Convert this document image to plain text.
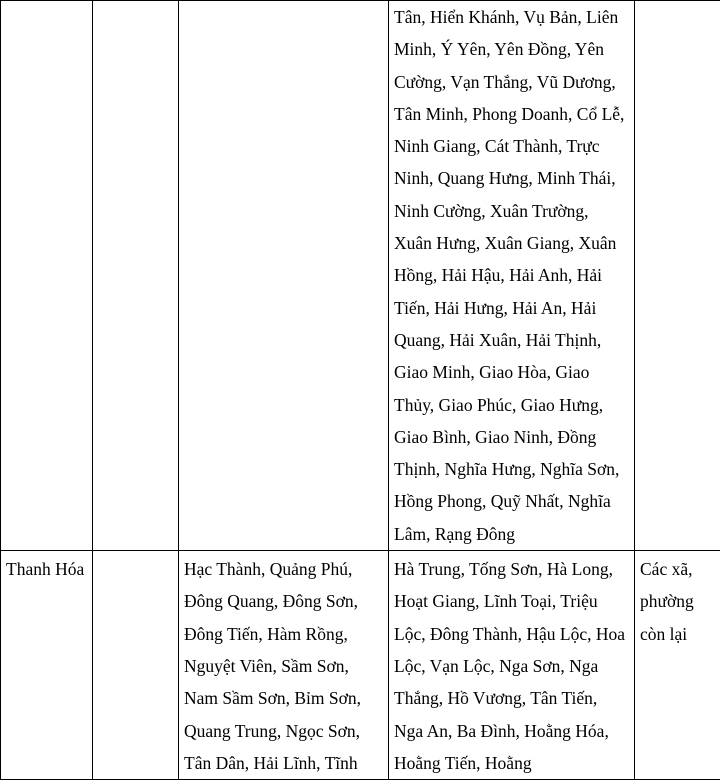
			Tân, Hiển Khánh, Vụ Bản, Liên Minh, Ý Yên, Yên Đồng, Yên Cường, Vạn Thắng, Vũ Dương, Tân Minh, Phong Doanh, Cổ Lễ, Ninh Giang, Cát Thành, Trực Ninh, Quang Hưng, Minh Thái, Ninh Cường, Xuân Trường, Xuân Hưng, Xuân Giang, Xuân Hồng, Hải Hậu, Hải Anh, Hải Tiến, Hải Hưng, Hải An, Hải Quang, Hải Xuân, Hải Thịnh, Giao Minh, Giao Hòa, Giao Thủy, Giao Phúc, Giao Hưng, Giao Bình, Giao Ninh, Đồng Thịnh, Nghĩa Hưng, Nghĩa Sơn, Hồng Phong, Quỹ Nhất, Nghĩa Lâm, Rạng Đông	

Thanh Hóa		Hạc Thành, Quảng Phú, Đông Quang, Đông Sơn, Đông Tiến, Hàm Rồng, Nguyệt Viên, Sầm Sơn, Nam Sầm Sơn, Bỉm Sơn, Quang Trung, Ngọc Sơn, Tân Dân, Hải Lĩnh, Tĩnh	Hà Trung, Tống Sơn, Hà Long, Hoạt Giang, Lĩnh Toại, Triệu Lộc, Đông Thành, Hậu Lộc, Hoa Lộc, Vạn Lộc, Nga Sơn, Nga Thắng, Hồ Vương, Tân Tiến, Nga An, Ba Đình, Hoằng Hóa, Hoằng Tiến, Hoằng	Các xã, phường còn lại
